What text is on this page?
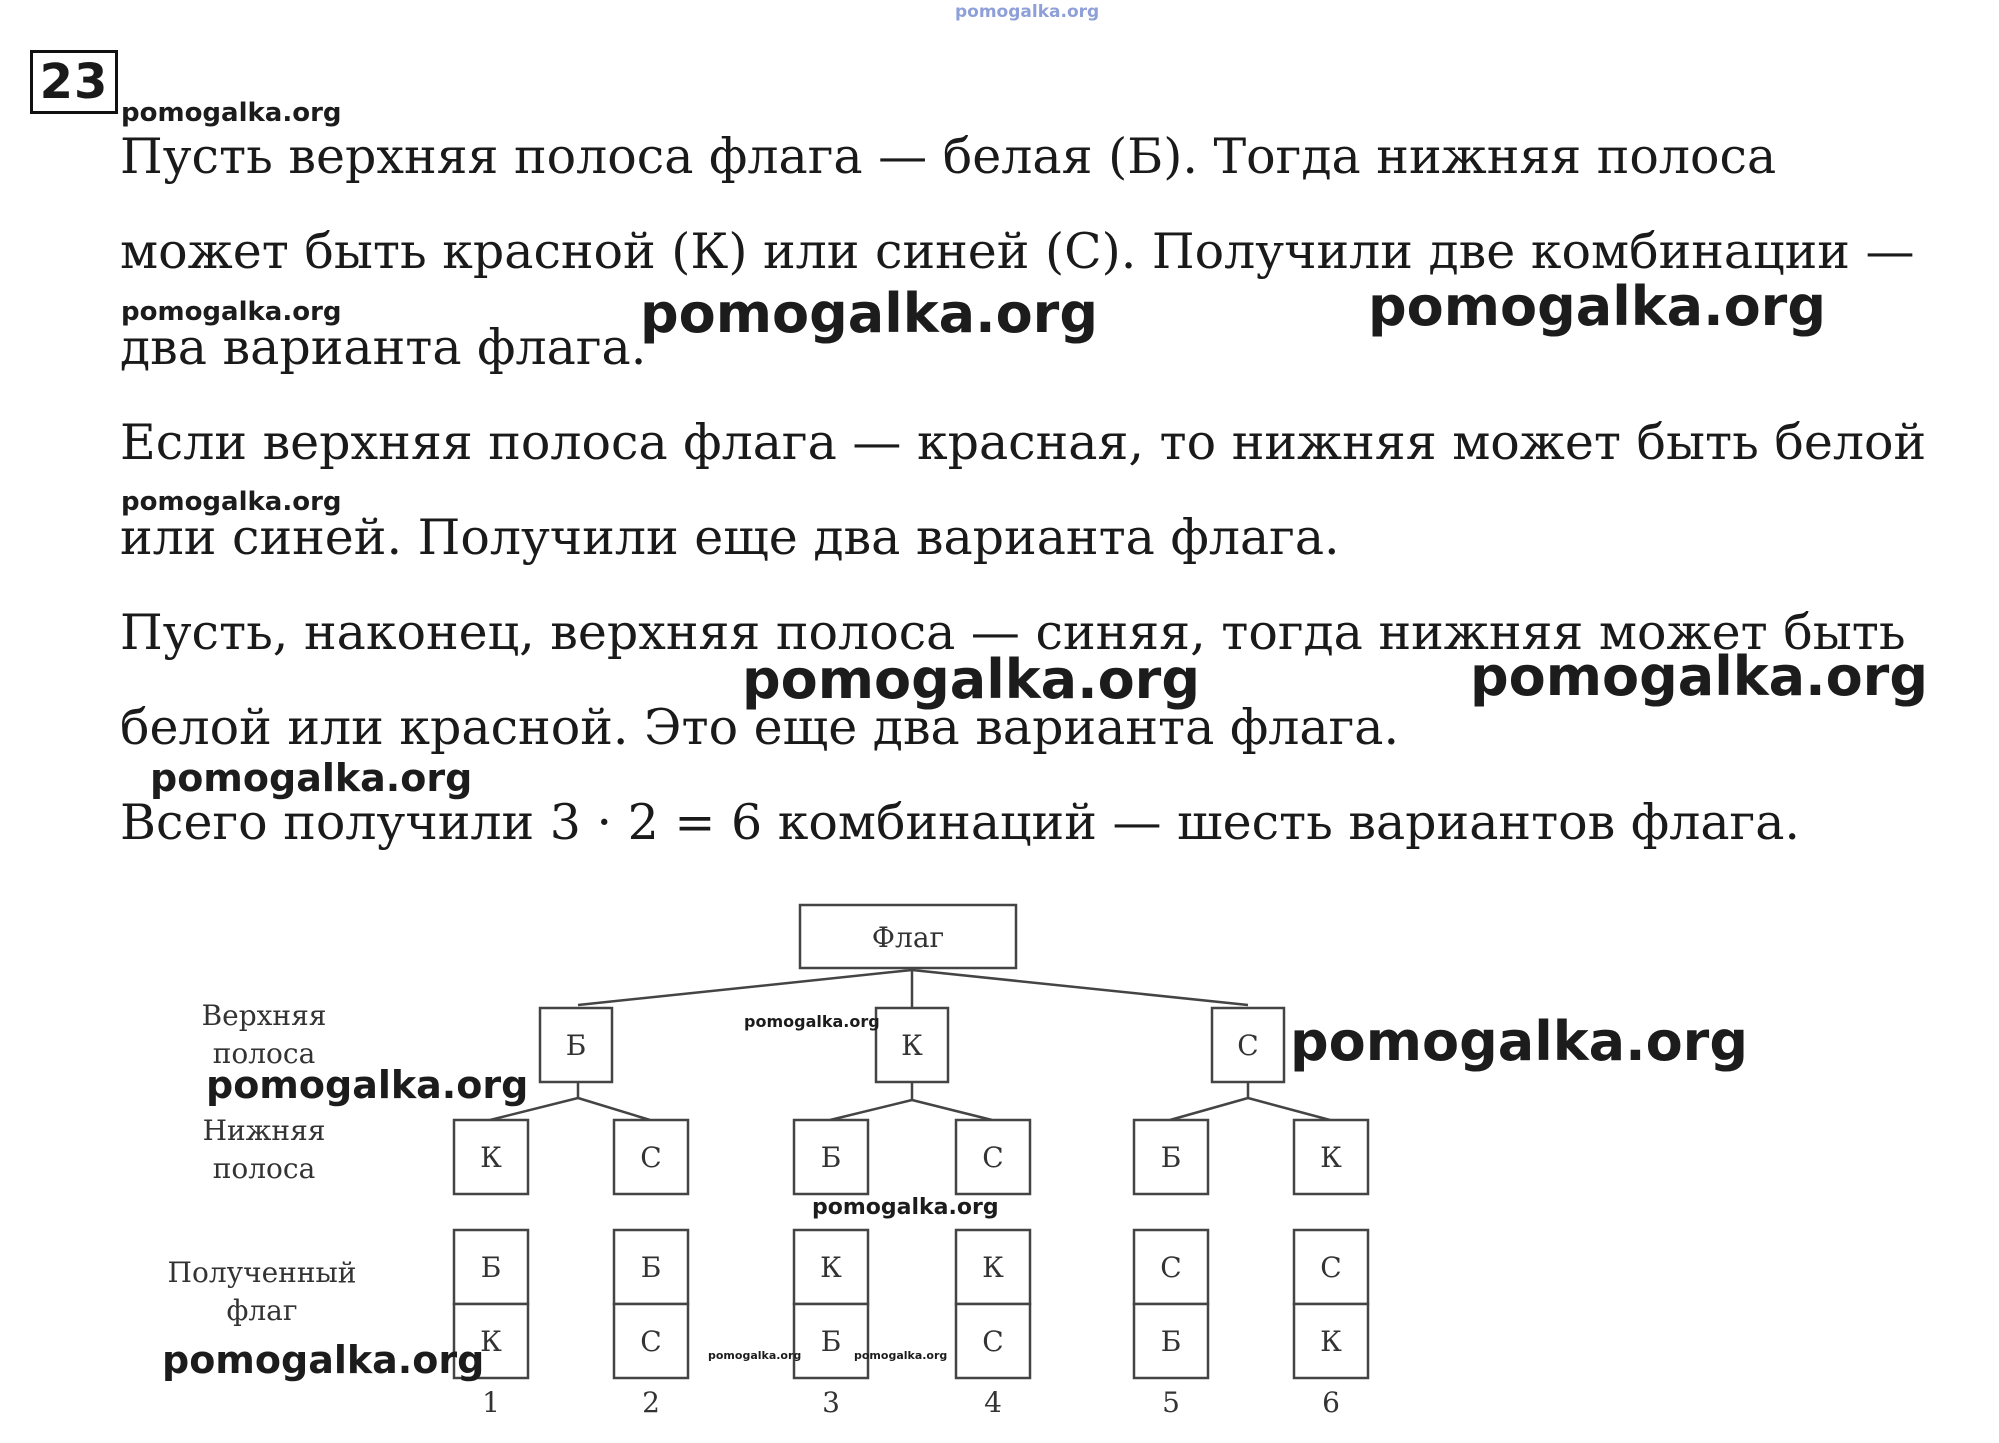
pomogalka.org
23
Пусть верхняя полоса флага — белая (Б). Тогда нижняя полоса
может быть красной (К) или синей (С). Получили две комбинации —
два варианта флага.
Если верхняя полоса флага — красная, то нижняя может быть белой
или синей. Получили еще два варианта флага.
Пусть, наконец, верхняя полоса — синяя, тогда нижняя может быть
белой или красной. Это еще два варианта флага.
Всего получили 3 · 2 = 6 комбинаций — шесть вариантов флага.
pomogalka.org
pomogalka.org	pomogalka.org	pomogalka.org
pomogalka.org
pomogalka.org	pomogalka.org
pomogalka.org
Флаг
Верхняя
полоса
Нижняя
полоса
Полученный
флаг
Б	К	С
К	С	Б	С	Б	К
Б
К
1
Б
С
2
К
Б
3
К
С
4
С
Б
5
С
К
6
pomogalka.org	pomogalka.org
pomogalka.org
pomogalka.org
pomogalka.org	pomogalka.org	pomogalka.org
